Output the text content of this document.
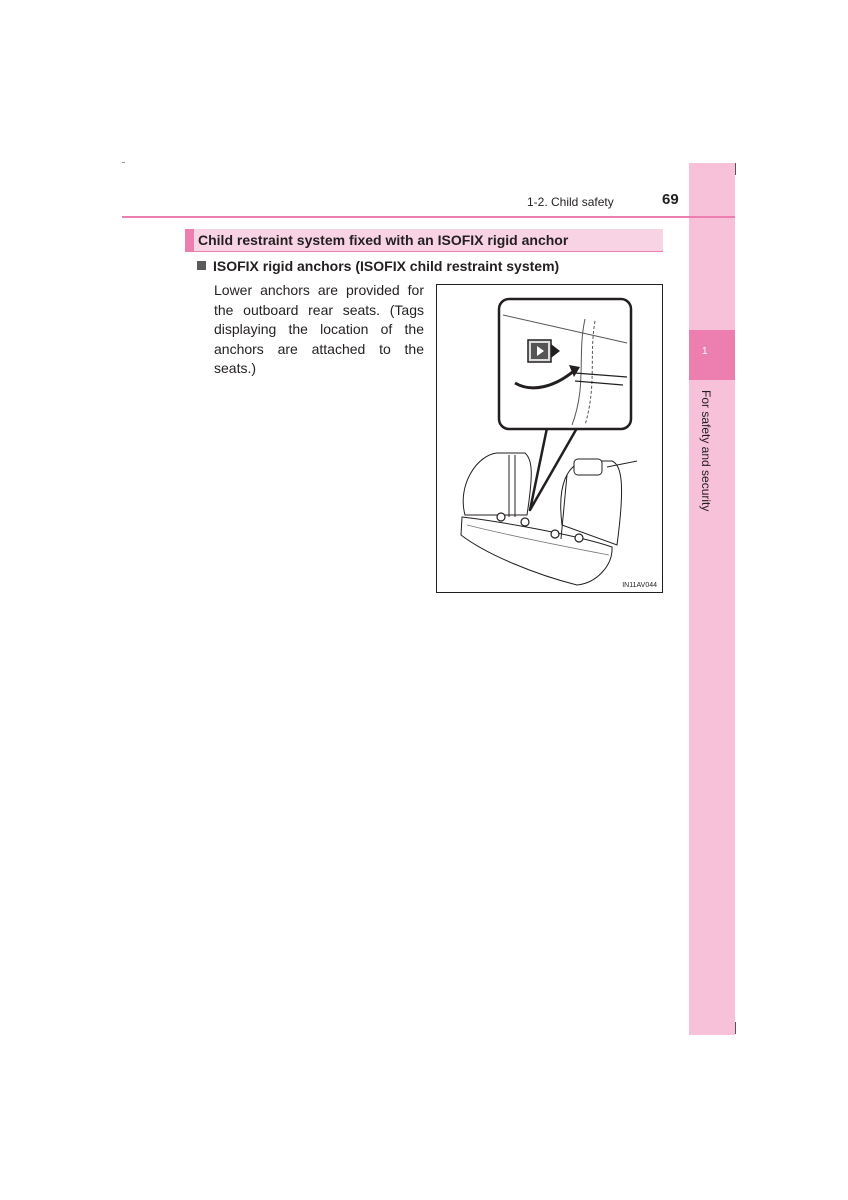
1
For safety and security
1-2. Child safety	69
Child restraint system fixed with an ISOFIX rigid anchor
ISOFIX rigid anchors (ISOFIX child restraint system)
Lower anchors are provided for the outboard rear seats. (Tags displaying the location of the anchors are attached to the seats.)
IN11AV044
